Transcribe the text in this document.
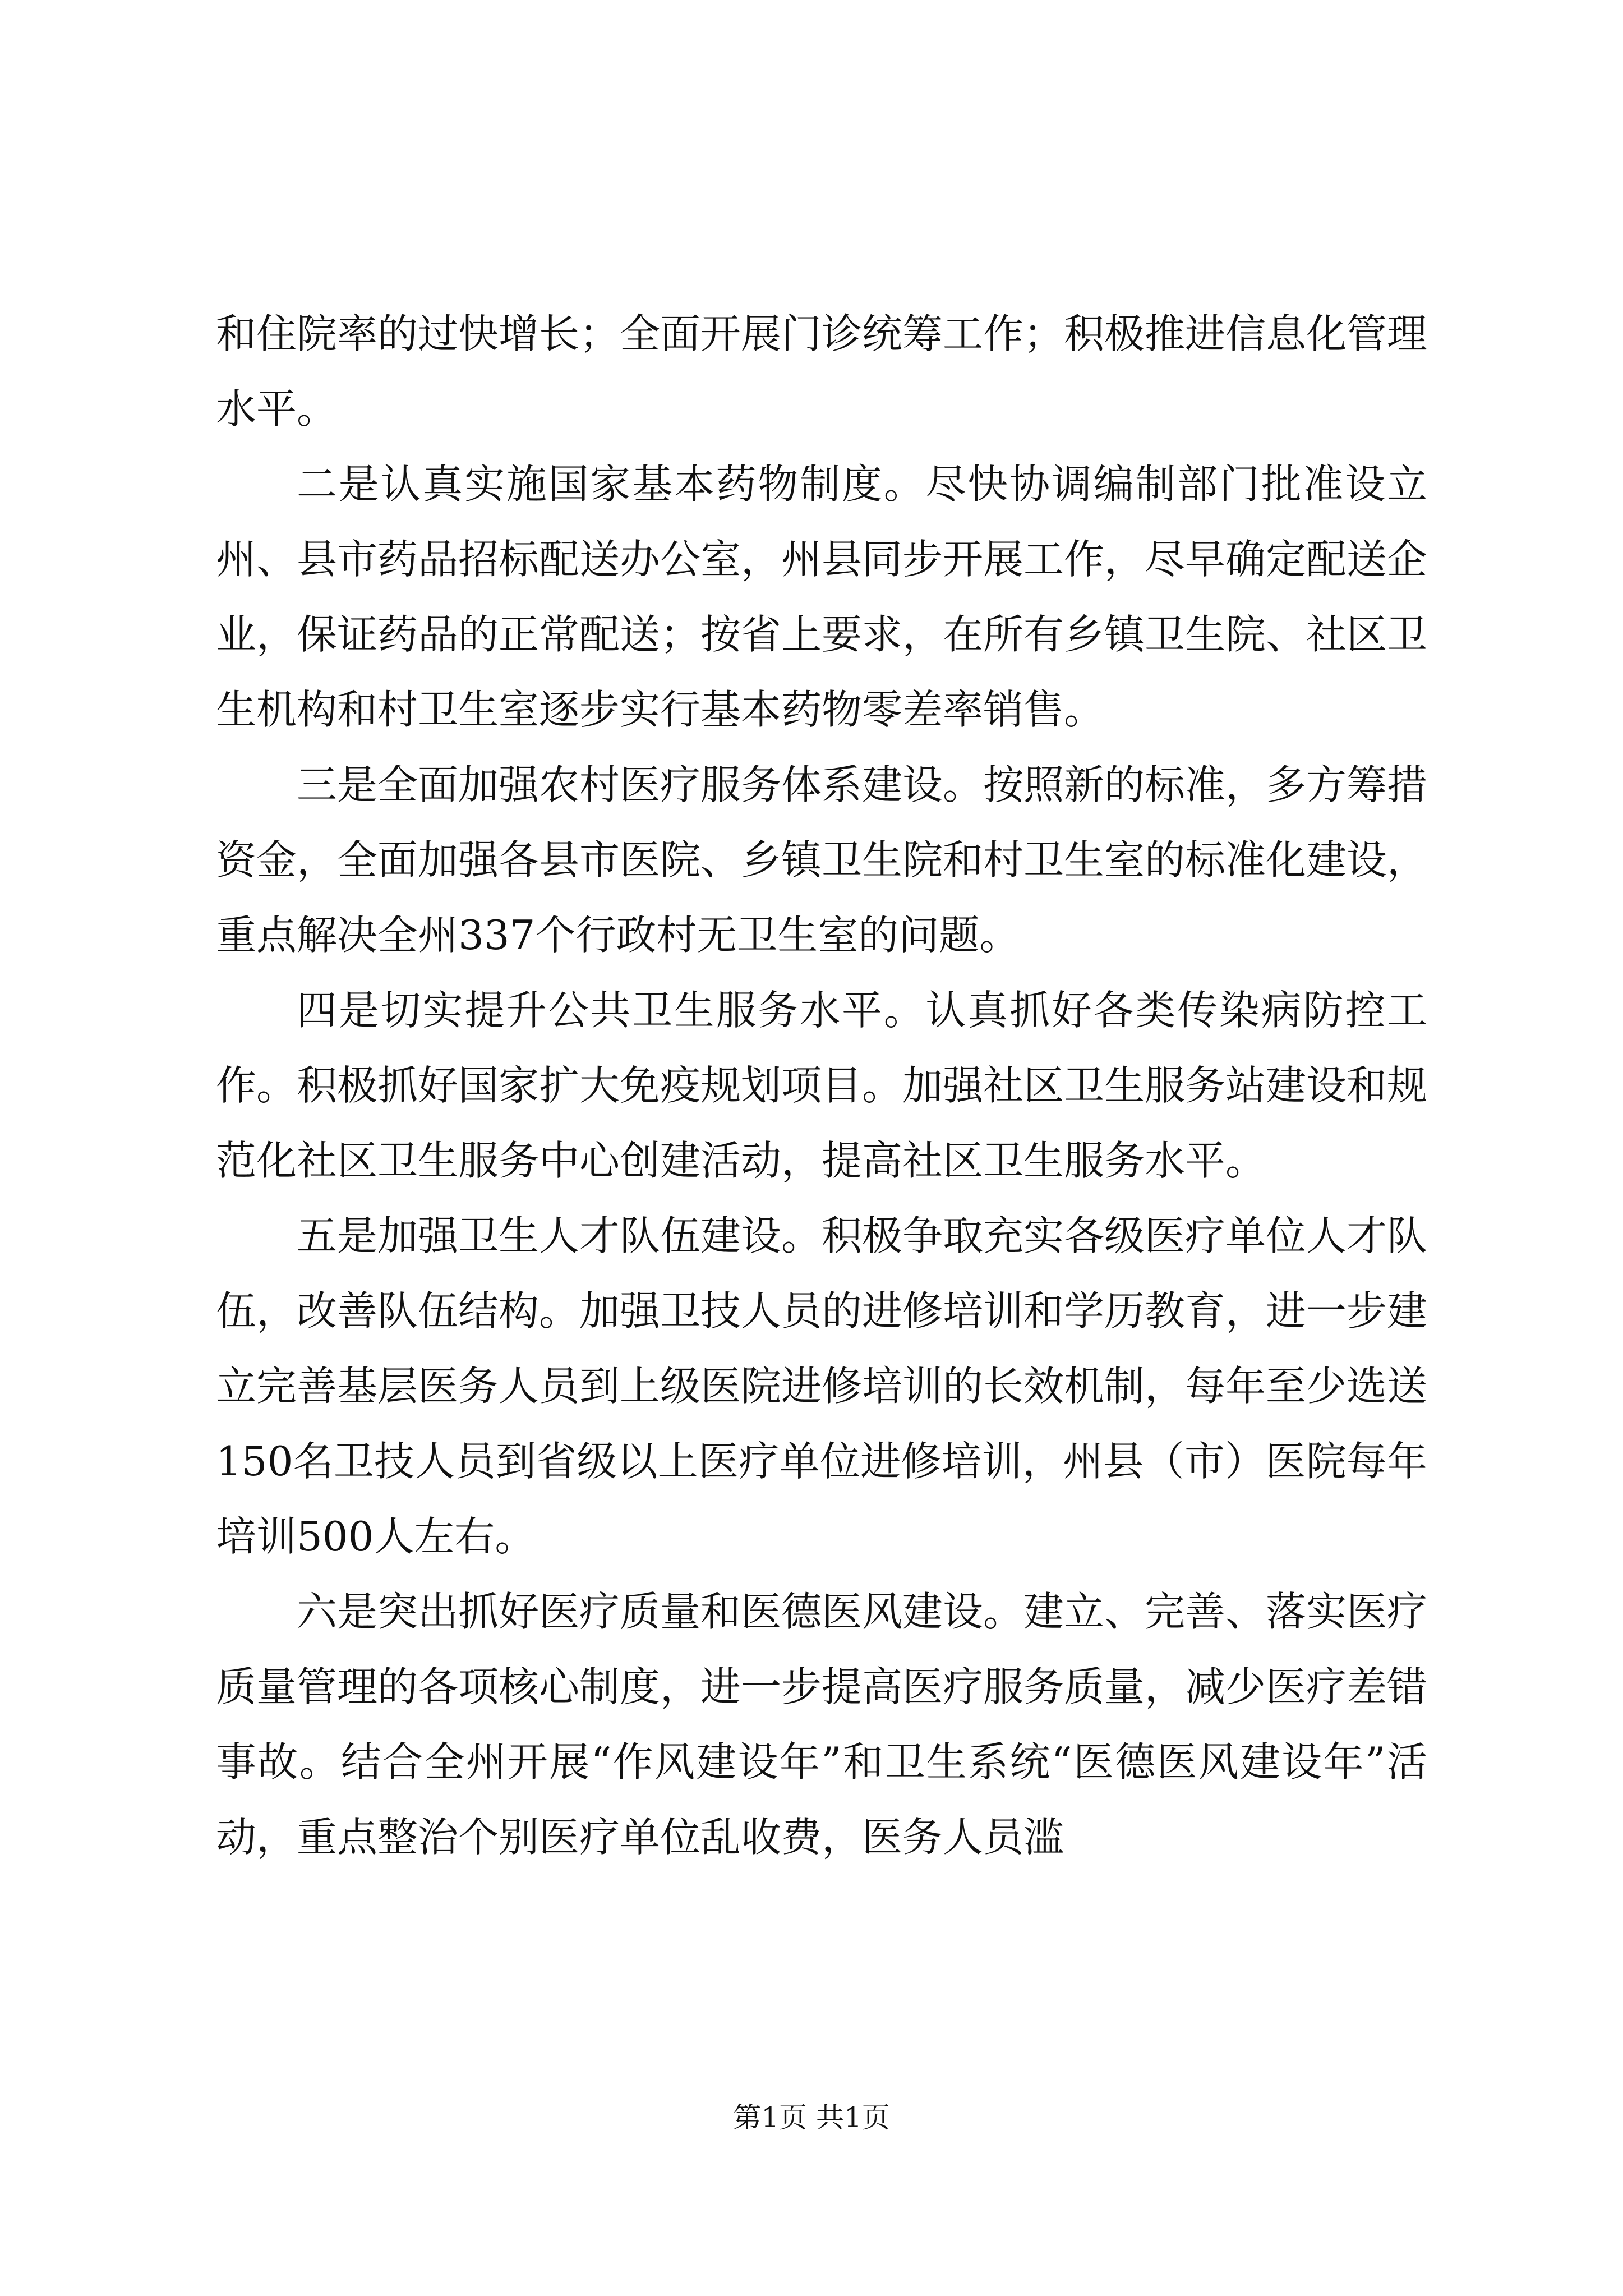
和住院率的过快增长；全面开展门诊统筹工作；积极推进信息化管理水平。

二是认真实施国家基本药物制度。尽快协调编制部门批准设立州、县市药品招标配送办公室，州县同步开展工作，尽早确定配送企业，保证药品的正常配送；按省上要求，在所有乡镇卫生院、社区卫生机构和村卫生室逐步实行基本药物零差率销售。

三是全面加强农村医疗服务体系建设。按照新的标准，多方筹措资金，全面加强各县市医院、乡镇卫生院和村卫生室的标准化建设，重点解决全州337个行政村无卫生室的问题。

四是切实提升公共卫生服务水平。认真抓好各类传染病防控工作。积极抓好国家扩大免疫规划项目。加强社区卫生服务站建设和规范化社区卫生服务中心创建活动，提高社区卫生服务水平。

五是加强卫生人才队伍建设。积极争取充实各级医疗单位人才队伍，改善队伍结构。加强卫技人员的进修培训和学历教育，进一步建立完善基层医务人员到上级医院进修培训的长效机制，每年至少选送150名卫技人员到省级以上医疗单位进修培训，州县（市）医院每年培训500人左右。

六是突出抓好医疗质量和医德医风建设。建立、完善、落实医疗质量管理的各项核心制度，进一步提高医疗服务质量，减少医疗差错事故。结合全州开展“作风建设年”和卫生系统“医德医风建设年”活动，重点整治个别医疗单位乱收费，医务人员滥

第1页 共1页
